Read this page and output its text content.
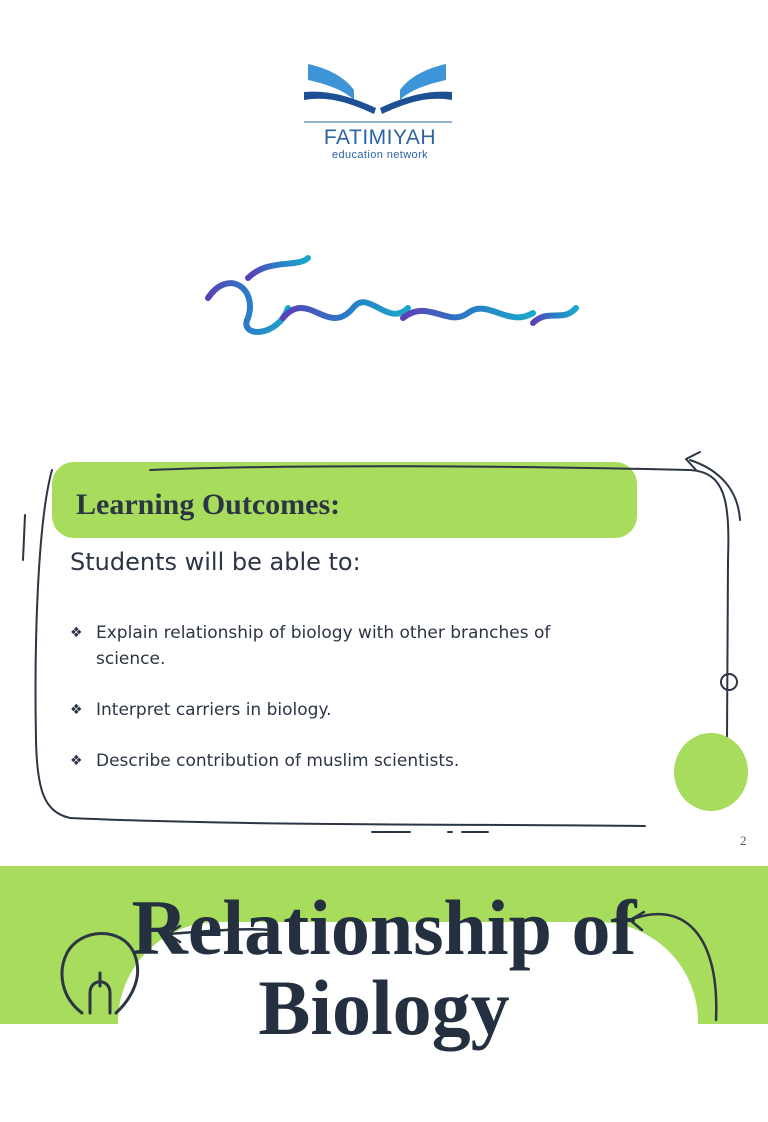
FATIMIYAH
education network
Learning Outcomes:
Students will be able to:
❖ Explain relationship of biology with other branches of science.
❖ Interpret carriers in biology.
❖ Describe contribution of muslim scientists.
2
Relationship of Biology
